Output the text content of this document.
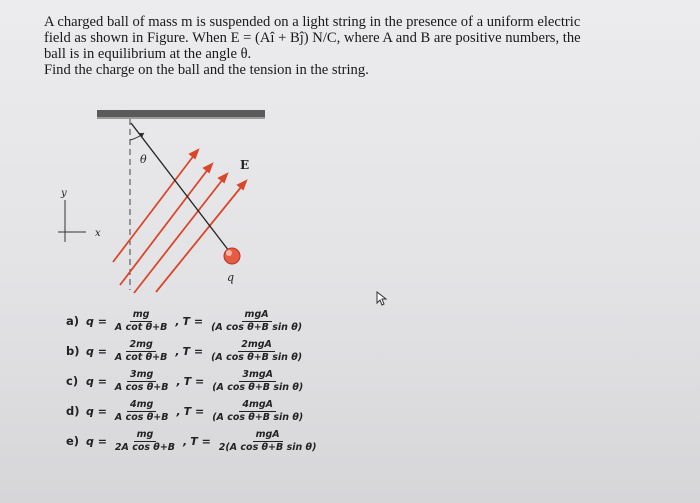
A charged ball of mass m is suspended on a light string in the presence of a uniform electric

field as shown in Figure. When E = (Aî + Bĵ) N/C, where A and B are positive numbers, the

ball is in equilibrium at the angle θ.

Find the charge on the ball and the tension in the string.

θ	E
q
y
x
a) $q = \frac{mg}{\text{A cot θ+B}}$ , $T = \frac{\text{mgA}}{\text{(A cos θ+B sin θ)}}$
b) $q = \frac{2mg}{\text{A cot θ+B}}$ , $T = \frac{\text{2mgA}}{\text{(A cos θ+B sin θ)}}$
c) $q = \frac{3mg}{\text{A cos θ+B}}$ , $T = \frac{\text{3mgA}}{\text{(A cos θ+B sin θ)}}$
d) $q = \frac{4mg}{\text{A cos θ+B}}$ , $T = \frac{\text{4mgA}}{\text{(A cos θ+B sin θ)}}$
e) $q = \frac{mg}{\text{2A cos θ+B}}$ , $T = \frac{\text{mgA}}{\text{2(A cos θ+B sin θ)}}$
